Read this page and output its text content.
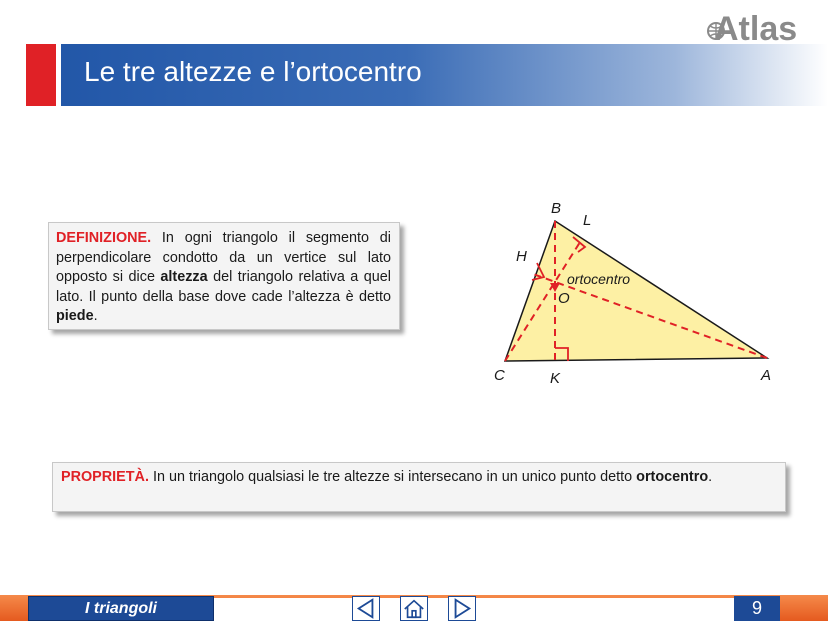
Atlas
Le tre altezze e l’ortocentro
DEFINIZIONE. In ogni triangolo il segmento di perpendicolare condotto da un vertice sul lato opposto si dice altezza del triangolo relativa a quel lato. Il punto della base dove cade l’altezza è detto piede.
B
L
H
O
C	K	A
ortocentro
PROPRIETÀ. In un triangolo qualsiasi le tre altezze si intersecano in un unico punto detto ortocentro.
I triangoli	9
